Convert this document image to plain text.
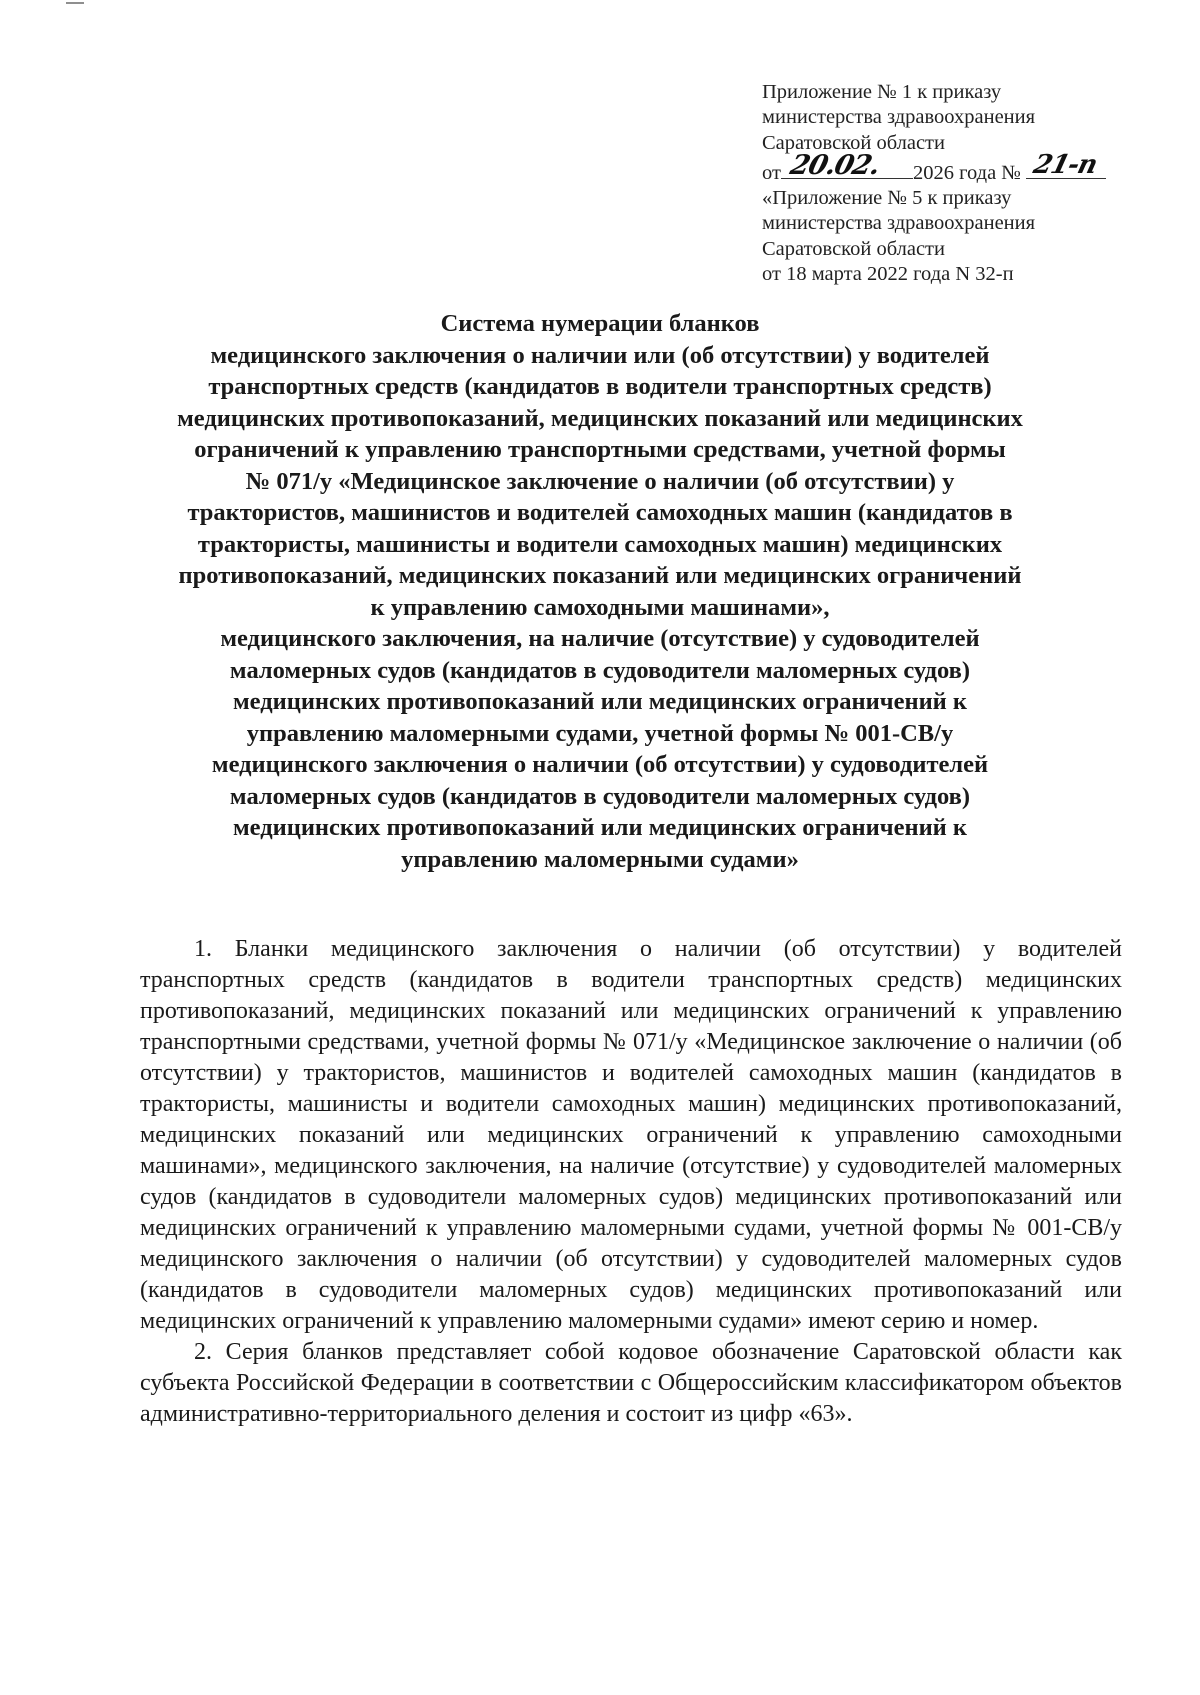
Приложение № 1 к приказу
министерства здравоохранения
Саратовской области
от 20.02. 2026 года № 21-п
«Приложение № 5 к приказу
министерства здравоохранения
Саратовской области
от 18 марта 2022 года N 32-п
Система нумерации бланков
медицинского заключения о наличии или (об отсутствии) у водителей
транспортных средств (кандидатов в водители транспортных средств)
медицинских противопоказаний, медицинских показаний или медицинских
ограничений к управлению транспортными средствами, учетной формы
№ 071/у «Медицинское заключение о наличии (об отсутствии) у
трактористов, машинистов и водителей самоходных машин (кандидатов в
трактористы, машинисты и водители самоходных машин) медицинских
противопоказаний, медицинских показаний или медицинских ограничений
к управлению самоходными машинами»,
медицинского заключения, на наличие (отсутствие) у судоводителей
маломерных судов (кандидатов в судоводители маломерных судов)
медицинских противопоказаний или медицинских ограничений к
управлению маломерными судами, учетной формы № 001-СВ/у
медицинского заключения о наличии (об отсутствии) у судоводителей
маломерных судов (кандидатов в судоводители маломерных судов)
медицинских противопоказаний или медицинских ограничений к
управлению маломерными судами»

1. Бланки медицинского заключения о наличии (об отсутствии) у водителей транспортных средств (кандидатов в водители транспортных средств) медицинских противопоказаний, медицинских показаний или медицинских ограничений к управлению транспортными средствами, учетной формы № 071/у «Медицинское заключение о наличии (об отсутствии) у трактористов, машинистов и водителей самоходных машин (кандидатов в трактористы, машинисты и водители самоходных машин) медицинских противопоказаний, медицинских показаний или медицинских ограничений к управлению самоходными машинами», медицинского заключения, на наличие (отсутствие) у судоводителей маломерных судов (кандидатов в судоводители маломерных судов) медицинских противопоказаний или медицинских ограничений к управлению маломерными судами, учетной формы № 001-СВ/у медицинского заключения о наличии (об отсутствии) у судоводителей маломерных судов (кандидатов в судоводители маломерных судов) медицинских противопоказаний или медицинских ограничений к управлению маломерными судами» имеют серию и номер.

2. Серия бланков представляет собой кодовое обозначение Саратовской области как субъекта Российской Федерации в соответствии с Общероссийским классификатором объектов административно-территориального деления и состоит из цифр «63».
